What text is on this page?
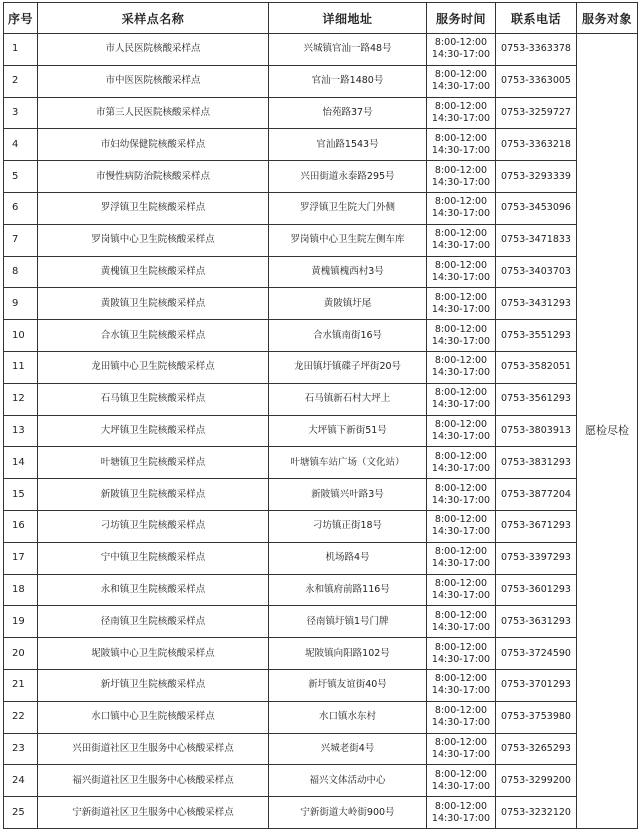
序号	采样点名称	详细地址	服务时间	联系电话	服务对象
1	市人民医院核酸采样点	兴城镇官汕一路48号	8:00-12:00
14:30-17:00	0753-3363378	愿检尽检
2	市中医医院核酸采样点	官汕一路1480号	8:00-12:00
14:30-17:00	0753-3363005	
3	市第三人民医院核酸采样点	怡苑路37号	8:00-12:00
14:30-17:00	0753-3259727	
4	市妇幼保健院核酸采样点	官汕路1543号	8:00-12:00
14:30-17:00	0753-3363218	
5	市慢性病防治院核酸采样点	兴田街道永泰路295号	8:00-12:00
14:30-17:00	0753-3293339	
6	罗浮镇卫生院核酸采样点	罗浮镇卫生院大门外侧	8:00-12:00
14:30-17:00	0753-3453096	
7	罗岗镇中心卫生院核酸采样点	罗岗镇中心卫生院左侧车库	8:00-12:00
14:30-17:00	0753-3471833	
8	黄槐镇卫生院核酸采样点	黄槐镇槐西村3号	8:00-12:00
14:30-17:00	0753-3403703	
9	黄陂镇卫生院核酸采样点	黄陂镇圩尾	8:00-12:00
14:30-17:00	0753-3431293	
10	合水镇卫生院核酸采样点	合水镇南街16号	8:00-12:00
14:30-17:00	0753-3551293	
11	龙田镇中心卫生院核酸采样点	龙田镇圩镇碟子坪街20号	8:00-12:00
14:30-17:00	0753-3582051	
12	石马镇卫生院核酸采样点	石马镇新石村大坪上	8:00-12:00
14:30-17:00	0753-3561293	
13	大坪镇卫生院核酸采样点	大坪镇下新街51号	8:00-12:00
14:30-17:00	0753-3803913	
14	叶塘镇卫生院核酸采样点	叶塘镇车站广场（文化站）	8:00-12:00
14:30-17:00	0753-3831293	
15	新陂镇卫生院核酸采样点	新陂镇兴叶路3号	8:00-12:00
14:30-17:00	0753-3877204	
16	刁坊镇卫生院核酸采样点	刁坊镇正街18号	8:00-12:00
14:30-17:00	0753-3671293	
17	宁中镇卫生院核酸采样点	机场路4号	8:00-12:00
14:30-17:00	0753-3397293	
18	永和镇卫生院核酸采样点	永和镇府前路116号	8:00-12:00
14:30-17:00	0753-3601293	
19	径南镇卫生院核酸采样点	径南镇圩镇1号门牌	8:00-12:00
14:30-17:00	0753-3631293	
20	坭陂镇中心卫生院核酸采样点	坭陂镇向阳路102号	8:00-12:00
14:30-17:00	0753-3724590	
21	新圩镇卫生院核酸采样点	新圩镇友谊街40号	8:00-12:00
14:30-17:00	0753-3701293	
22	水口镇中心卫生院核酸采样点	水口镇水东村	8:00-12:00
14:30-17:00	0753-3753980	
23	兴田街道社区卫生服务中心核酸采样点	兴城老街4号	8:00-12:00
14:30-17:00	0753-3265293	
24	福兴街道社区卫生服务中心核酸采样点	福兴文体活动中心	8:00-12:00
14:30-17:00	0753-3299200	
25	宁新街道社区卫生服务中心核酸采样点	宁新街道大岭街900号	8:00-12:00
14:30-17:00	0753-3232120	
